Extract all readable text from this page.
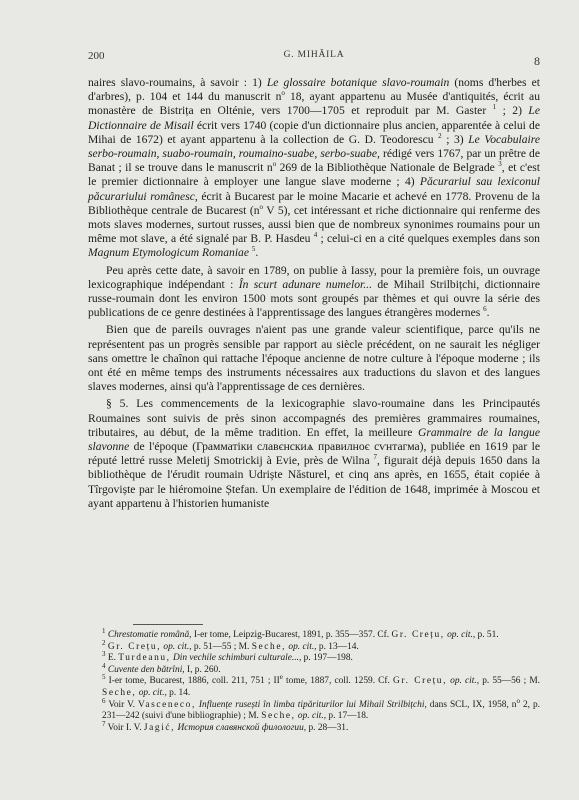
200	G. MIHĂILA	8

naires slavo-roumains, à savoir : 1) Le glossaire botanique slavo-roumain (noms d'herbes et d'arbres), p. 104 et 144 du manuscrit $n^o$ 18, ayant appartenu au Musée d'antiquités, écrit au monastère de Bistrița en Olténie, vers 1700—1705 et reproduit par M. Gaster $^1$ ; 2) Le Dictionnaire de Misail écrit vers 1740 (copie d'un dictionnaire plus ancien, apparentée à celui de Mihai de 1672) et ayant appartenu à la collection de G. D. Teodorescu $^2$ ; 3) Le Vocabulaire serbo-roumain, suabo-roumain, roumaino-suabe, serbo-suabe, rédigé vers 1767, par un prêtre de Banat ; il se trouve dans le manuscrit $n^o$ 269 de la Bibliothèque Nationale de Belgrade $^3$, et c'est le premier dictionnaire à employer une langue slave moderne ; 4) Păcurariul sau lexiconul păcurariului românesc, écrit à Bucarest par le moine Macarie et achevé en 1778. Provenu de la Bibliothèque centrale de Bucarest ($n^o$ V 5), cet intéressant et riche dictionnaire qui renferme des mots slaves modernes, surtout russes, aussi bien que de nombreux synonimes roumains pour un même mot slave, a été signalé par B. P. Hasdeu $^4$ ; celui-ci en a cité quelques exemples dans son Magnum Etymologicum Romaniae $^5$.

Peu après cette date, à savoir en 1789, on publie à Iassy, pour la première fois, un ouvrage lexicographique indépendant : În scurt adunare numelor... de Mihail Strilbițchi, dictionnaire russe-roumain dont les environ 1500 mots sont groupés par thèmes et qui ouvre la série des publications de ce genre destinées à l'apprentissage des langues étrangères modernes $^6$.

Bien que de pareils ouvrages n'aient pas une grande valeur scientifique, parce qu'ils ne représentent pas un progrès sensible par rapport au siècle précédent, on ne saurait les négliger sans omettre le chaînon qui rattache l'époque ancienne de notre culture à l'époque moderne ; ils ont été en même temps des instruments nécessaires aux traductions du slavon et des langues slaves modernes, ainsi qu'à l'apprentissage de ces dernières.

§ 5. Les commencements de la lexicographie slavo-roumaine dans les Principautés Roumaines sont suivis de près sinon accompagnés des premières grammaires roumaines, tributaires, au début, de la même tradition. En effet, la meilleure Grammaire de la langue slavonne de l'époque (Грамматіки славєнскиѧ правилноє сѵнтагма), publiée en 1619 par le réputé lettré russe Meletij Smotrickij à Evie, près de Wilna $^7$, figurait déjà depuis 1650 dans la bibliothèque de l'érudit roumain Udriște Năsturel, et cinq ans après, en 1655, était copiée à Tîrgoviște par le hiéromoine Ștefan. Un exemplaire de l'édition de 1648, imprimée à Moscou et ayant appartenu à l'historien humaniste

$^1$ Chrestomatie română, I-er tome, Leipzig-Bucarest, 1891, p. 355—357. Cf. Gr. Crețu, op. cit., p. 51.

$^2$ Gr. Crețu, op. cit., p. 51—55 ; M. Seche, op. cit., p. 13—14.

$^3$ E. Turdeanu, Din vechile schimburi culturale..., p. 197—198.

$^4$ Cuvente den bătrîni, I, p. 260.

$^5$ I-er tome, Bucarest, 1886, coll. 211, 751 ; IIe tome, 1887, coll. 1259. Cf. Gr. Crețu, op. cit., p. 55—56 ; M. Seche, op. cit., p. 14.

$^6$ Voir V. Vasceneco, Influențe rusești în limba tipăriturilor lui Mihail Strilbițchi, dans SCL, IX, 1958, $n^o$ 2, p. 231—242 (suivi d'une bibliographie) ; M. Seche, op. cit., p. 17—18.

$^7$ Voir I. V. Jagić, История славянской филологии, p. 28—31.
